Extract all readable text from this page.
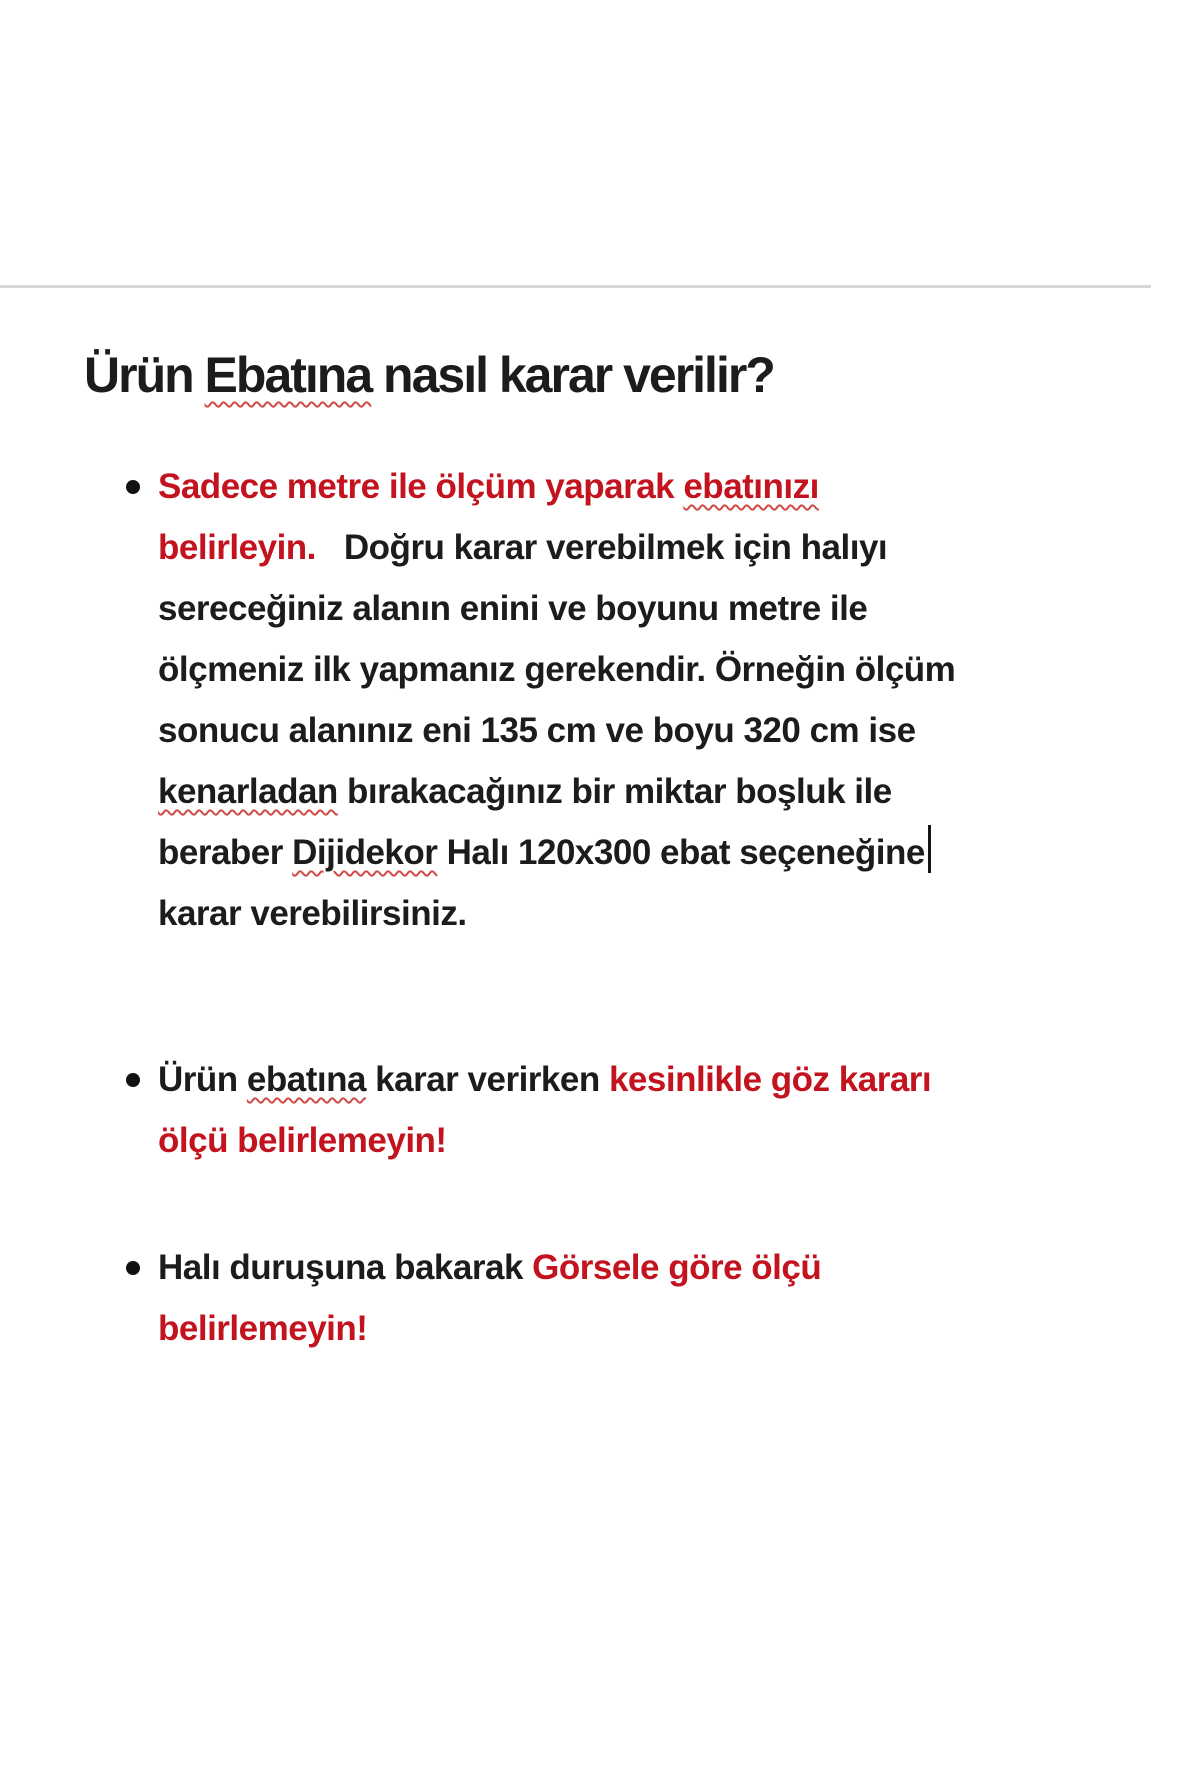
Ürün Ebatına nasıl karar verilir?
Sadece metre ile ölçüm yaparak ebatınızı
belirleyin. Doğru karar verebilmek için halıyı
sereceğiniz alanın enini ve boyunu metre ile
ölçmeniz ilk yapmanız gerekendir. Örneğin ölçüm
sonucu alanınız eni 135 cm ve boyu 320 cm ise
kenarladan bırakacağınız bir miktar boşluk ile
beraber Dijidekor Halı 120x300 ebat seçeneğine
karar verebilirsiniz.
Ürün ebatına karar verirken kesinlikle göz kararı
ölçü belirlemeyin!
Halı duruşuna bakarak Görsele göre ölçü
belirlemeyin!
